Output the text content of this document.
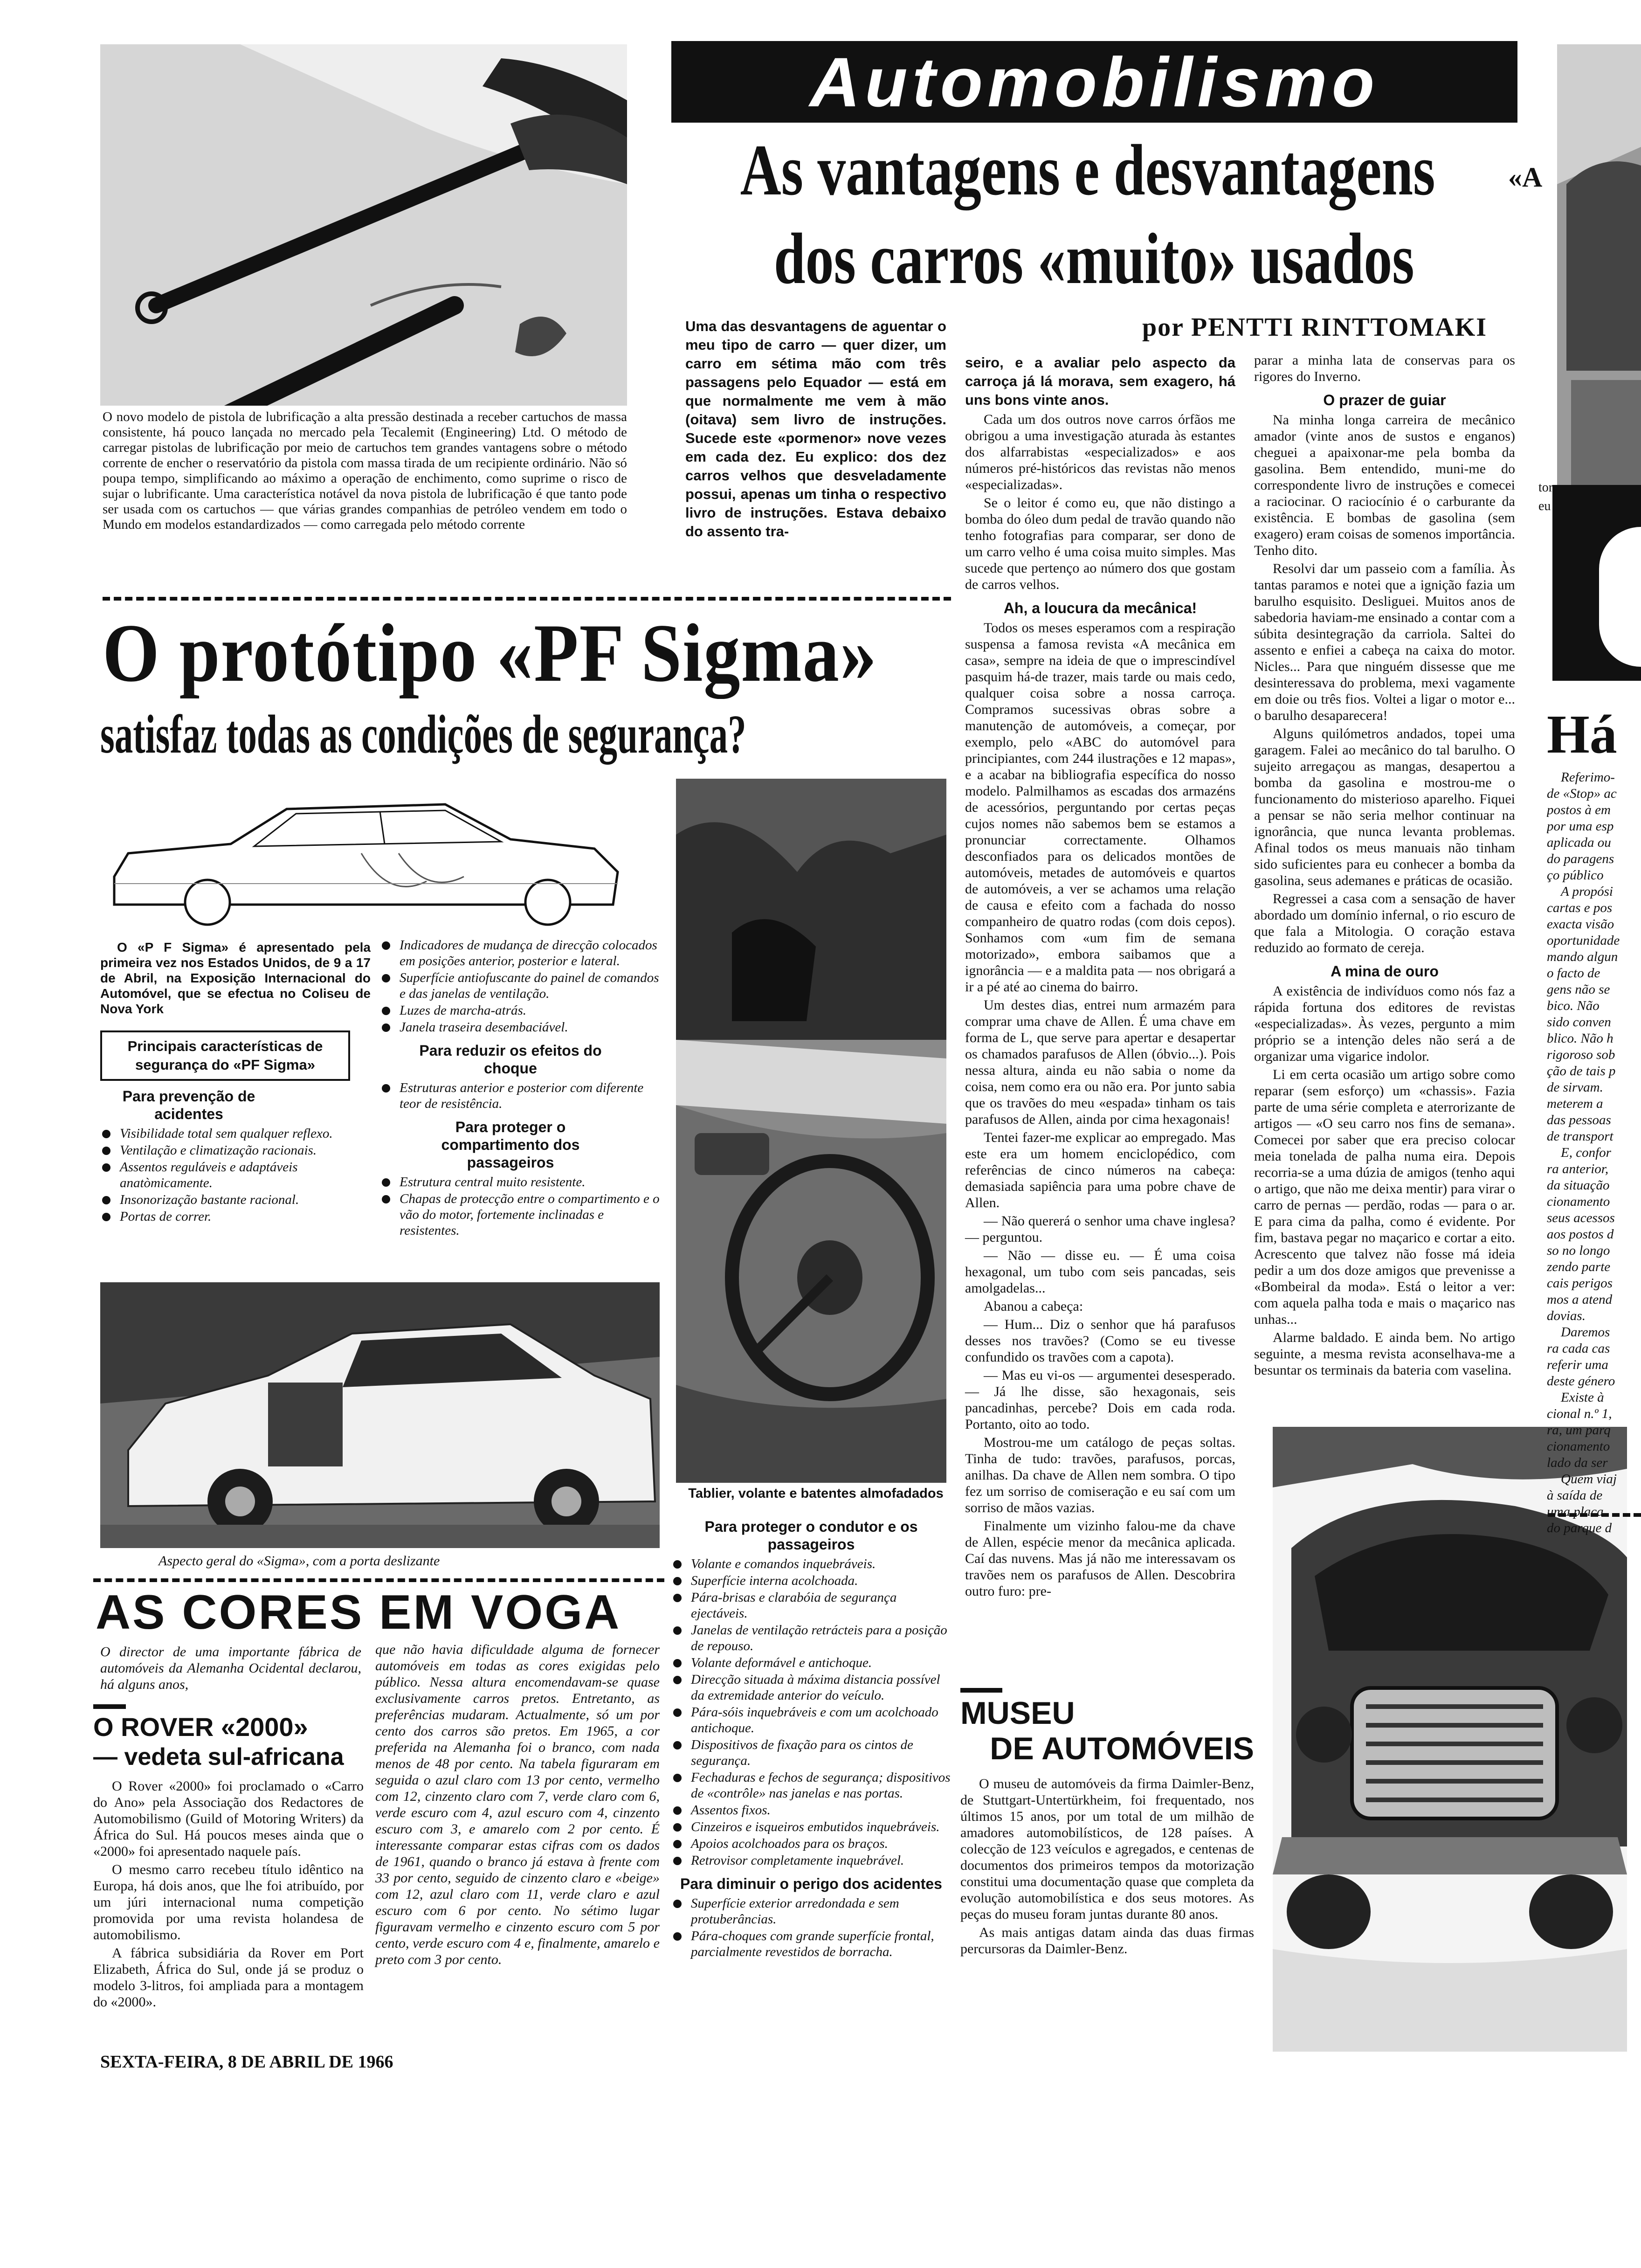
O novo modelo de pistola de lubrificação a alta pressão destinada a receber cartuchos de massa consistente, há pouco lançada no mercado pela Tecalemit (Engineering) Ltd. O método de carregar pistolas de lubrificação por meio de cartuchos tem grandes vantagens sobre o método corrente de encher o reservatório da pistola com massa tirada de um recipiente ordinário. Não só poupa tempo, simplificando ao máximo a operação de enchimento, como suprime o risco de sujar o lubrificante. Uma característica notável da nova pistola de lubrificação é que tanto pode ser usada com os cartuchos — que várias grandes companhias de petróleo vendem em todo o Mundo em modelos estandardizados — como carregada pelo método corrente
Automobilismo
As vantagens e desvantagens	«A
dos carros «muito» usados
por PENTTI RINTTOMAKI
Uma das desvantagens de aguentar o meu tipo de carro — quer dizer, um carro em sétima mão com três passagens pelo Equador — está em que normalmente me vem à mão (oitava) sem livro de instruções. Sucede este «pormenor» nove vezes em cada dez. Eu explico: dos dez carros velhos que desveladamente possui, apenas um tinha o respectivo livro de instruções. Estava debaixo do assento tra-

seiro, e a avaliar pelo aspecto da carroça já lá morava, sem exagero, há uns bons vinte anos.

Cada um dos outros nove carros órfãos me obrigou a uma investigação aturada às estantes dos alfarrabistas «especializados» e aos números pré-históricos das revistas não menos «especializadas».

Se o leitor é como eu, que não distingo a bomba do óleo dum pedal de travão quando não tenho fotografias para comparar, ser dono de um carro velho é uma coisa muito simples. Mas sucede que pertenço ao número dos que gostam de carros velhos.

Ah, a loucura da mecânica!

Todos os meses esperamos com a respiração suspensa a famosa revista «A mecânica em casa», sempre na ideia de que o imprescindível pasquim há-de trazer, mais tarde ou mais cedo, qualquer coisa sobre a nossa carroça. Compramos sucessivas obras sobre a manutenção de automóveis, a começar, por exemplo, pelo «ABC do automóvel para principiantes, com 244 ilustrações e 12 mapas», e a acabar na bibliografia específica do nosso modelo. Palmilhamos as escadas dos armazéns de acessórios, perguntando por certas peças cujos nomes não sabemos bem se estamos a pronunciar correctamente. Olhamos desconfiados para os delicados montões de automóveis, metades de automóveis e quartos de automóveis, a ver se achamos uma relação de causa e efeito com a fachada do nosso companheiro de quatro rodas (com dois cepos). Sonhamos com «um fim de semana motorizado», embora saibamos que a ignorância — e a maldita pata — nos obrigará a ir a pé até ao cinema do bairro.

Um destes dias, entrei num armazém para comprar uma chave de Allen. É uma chave em forma de L, que serve para apertar e desapertar os chamados parafusos de Allen (óbvio...). Pois nessa altura, ainda eu não sabia o nome da coisa, nem como era ou não era. Por junto sabia que os travões do meu «espada» tinham os tais parafusos de Allen, ainda por cima hexagonais!

Tentei fazer-me explicar ao empregado. Mas este era um homem enciclopédico, com referências de cinco números na cabeça: demasiada sapiência para uma pobre chave de Allen.

— Não quererá o senhor uma chave inglesa? — perguntou.

— Não — disse eu. — É uma coisa hexagonal, um tubo com seis pancadas, seis amolgadelas...

Abanou a cabeça:

— Hum... Diz o senhor que há parafusos desses nos travões? (Como se eu tivesse confundido os travões com a capota).

— Mas eu vi-os — argumentei desesperado. — Já lhe disse, são hexagonais, seis pancadinhas, percebe? Dois em cada roda. Portanto, oito ao todo.

Mostrou-me um catálogo de peças soltas. Tinha de tudo: travões, parafusos, porcas, anilhas. Da chave de Allen nem sombra. O tipo fez um sorriso de comiseração e eu saí com um sorriso de mãos vazias.

Finalmente um vizinho falou-me da chave de Allen, espécie menor da mecânica aplicada. Caí das nuvens. Mas já não me interessavam os travões nem os parafusos de Allen. Descobrira outro furo: pre-

parar a minha lata de conservas para os rigores do Inverno.

O prazer de guiar

Na minha longa carreira de mecânico amador (vinte anos de sustos e enganos) cheguei a apaixonar-me pela bomba da gasolina. Bem entendido, muni-me do correspondente livro de instruções e comecei a raciocinar. O raciocínio é o carburante da existência. E bombas de gasolina (sem exagero) eram coisas de somenos importância. Tenho dito.

Resolvi dar um passeio com a família. Às tantas paramos e notei que a ignição fazia um barulho esquisito. Desliguei. Muitos anos de sabedoria haviam-me ensinado a contar com a súbita desintegração da carriola. Saltei do assento e enfiei a cabeça na caixa do motor. Nicles... Para que ninguém dissesse que me desinteressava do problema, mexi vagamente em doie ou três fios. Voltei a ligar o motor e... o barulho desaparecera!

Alguns quilómetros andados, topei uma garagem. Falei ao mecânico do tal barulho. O sujeito arregaçou as mangas, desapertou a bomba da gasolina e mostrou-me o funcionamento do misterioso aparelho. Fiquei a pensar se não seria melhor continuar na ignorância, que nunca levanta problemas. Afinal todos os meus manuais não tinham sido suficientes para eu conhecer a bomba da gasolina, seus ademanes e práticas de ocasião.

Regressei a casa com a sensação de haver abordado um domínio infernal, o rio escuro de que fala a Mitologia. O coração estava reduzido ao formato de cereja.

A mina de ouro

A existência de indivíduos como nós faz a rápida fortuna dos editores de revistas «especializadas». Às vezes, pergunto a mim próprio se a intenção deles não será a de organizar uma vigarice indolor.

Li em certa ocasião um artigo sobre como reparar (sem esforço) um «chassis». Fazia parte de uma série completa e aterrorizante de artigos — «O seu carro nos fins de semana». Comecei por saber que era preciso colocar meia tonelada de palha numa eira. Depois recorria-se a uma dúzia de amigos (tenho aqui o artigo, que não me deixa mentir) para virar o carro de pernas — perdão, rodas — para o ar. E para cima da palha, como é evidente. Por fim, bastava pegar no maçarico e cortar a eito. Acrescento que talvez não fosse má ideia pedir a um dos doze amigos que prevenisse a «Bombeiral da moda». Está o leitor a ver: com aquela palha toda e mais o maçarico nas unhas...

Alarme baldado. E ainda bem. No artigo seguinte, a mesma revista aconselhava-me a besuntar os terminais da bateria com vaselina.

MUSEU
DE AUTOMÓVEIS

O museu de automóveis da firma Daimler-Benz, de Stuttgart-Untertürkheim, foi frequentado, nos últimos 15 anos, por um total de um milhão de amadores automobilísticos, de 128 países. A colecção de 123 veículos e agregados, e centenas de documentos dos primeiros tempos da motorização constitui uma documentação quase que completa da evolução automobilística e dos seus motores. As peças do museu foram juntas durante 80 anos.

As mais antigas datam ainda das duas firmas percursoras da Daimler-Benz.

O protótipo «PF Sigma»
satisfaz todas as condições de segurança?
O «P F Sigma» é apresentado pela primeira vez nos Estados Unidos, de 9 a 17 de Abril, na Exposição Internacional do Automóvel, que se efectua no Coliseu de Nova York
Principais características de segurança do «PF Sigma»
Para prevenção de acidentes
Visibilidade total sem qualquer reflexo.
Ventilação e climatização racionais.
Assentos reguláveis e adaptáveis anatòmicamente.
Insonorização bastante racional.
Portas de correr.
Indicadores de mudança de direcção colocados em posições anterior, posterior e lateral.
Superfície antiofuscante do painel de comandos e das janelas de ventilação.
Luzes de marcha-atrás.
Janela traseira desembaciável.
Para reduzir os efeitos do choque
Estruturas anterior e posterior com diferente teor de resistência.
Para proteger o compartimento dos passageiros
Estrutura central muito resistente.
Chapas de protecção entre o compartimento e o vão do motor, fortemente inclinadas e resistentes.
Aspecto geral do «Sigma», com a porta deslizante
Tablier, volante e batentes almofadados
Para proteger o condutor e os passageiros
Volante e comandos inquebráveis.
Superfície interna acolchoada.
Pára-brisas e clarabóia de segurança ejectáveis.
Janelas de ventilação retrácteis para a posição de repouso.
Volante deformável e antichoque.
Direcção situada à máxima distancia possível da extremidade anterior do veículo.
Pára-sóis inquebráveis e com um acolchoado antichoque.
Dispositivos de fixação para os cintos de segurança.
Fechaduras e fechos de segurança; dispositivos de «contrôle» nas janelas e nas portas.
Assentos fixos.
Cinzeiros e isqueiros embutidos inquebráveis.
Apoios acolchoados para os braços.
Retrovisor completamente inquebrável.
Para diminuir o perigo dos acidentes
Superfície exterior arredondada e sem protuberâncias.
Pára-choques com grande superfície frontal, parcialmente revestidos de borracha.
AS CORES EM VOGA
O director de uma importante fábrica de automóveis da Alemanha Ocidental declarou, há alguns anos,
que não havia dificuldade alguma de fornecer automóveis em todas as cores exigidas pelo público. Nessa altura encomendavam-se quase exclusivamente carros pretos. Entretanto, as preferências mudaram. Actualmente, só um por cento dos carros são pretos. Em 1965, a cor preferida na Alemanha foi o branco, com nada menos de 48 por cento. Na tabela figuraram em seguida o azul claro com 13 por cento, vermelho com 12, cinzento claro com 7, verde claro com 6, verde escuro com 4, azul escuro com 4, cinzento escuro com 3, e amarelo com 2 por cento. É interessante comparar estas cifras com os dados de 1961, quando o branco já estava à frente com 33 por cento, seguido de cinzento claro e «beige» com 12, azul claro com 11, verde claro e azul escuro com 6 por cento. No sétimo lugar figuravam vermelho e cinzento escuro com 5 por cento, verde escuro com 4 e, finalmente, amarelo e preto com 3 por cento.
O ROVER «2000»
— vedeta sul-africana

O Rover «2000» foi proclamado o «Carro do Ano» pela Associação dos Redactores de Automobilismo (Guild of Motoring Writers) da África do Sul. Há poucos meses ainda que o «2000» foi apresentado naquele país.

O mesmo carro recebeu título idêntico na Europa, há dois anos, que lhe foi atribuído, por um júri internacional numa competição promovida por uma revista holandesa de automobilismo.

A fábrica subsidiária da Rover em Port Elizabeth, África do Sul, onde já se produz o modelo 3-litros, foi ampliada para a montagem do «2000».

SEXTA-FEIRA, 8 DE ABRIL DE 1966
tor
eu
Há
Referimo-
de «Stop» ac
postos à em
por uma esp
aplicada ou
do paragens
ço público
A propósi
cartas e pos
exacta visão
oportunidade
mando algun
o facto de
gens não se
bico. Não
sido conven
blico. Não h
rigoroso sob
ção de tais p
de sirvam.
meterem a
das pessoas
de transport
E, confor
ra anterior,
da situação
cionamento
seus acessos
aos postos d
so no longo
zendo parte
cais perigos
mos a atend
dovias.
Daremos
ra cada cas
referir uma
deste género
Existe à
cional n.º 1,
ra, um parq
cionamento
lado da ser
Quem viaj
à saída de
uma placa
do parque d
